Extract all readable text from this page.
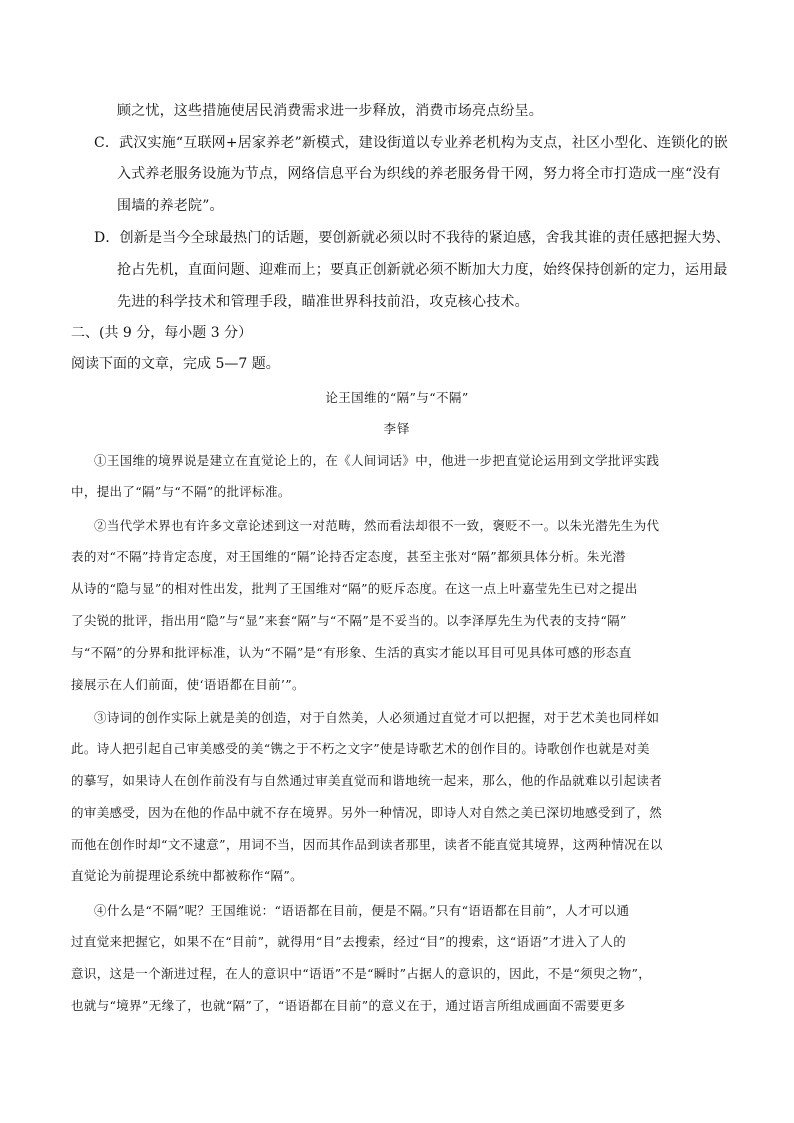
顾之忧，这些措施使居民消费需求进一步释放，消费市场亮点纷呈。
C．武汉实施“互联网+居家养老”新模式，建设街道以专业养老机构为支点，社区小型化、连锁化的嵌
入式养老服务设施为节点，网络信息平台为织线的养老服务骨干网，努力将全市打造成一座“没有
围墙的养老院”。
D．创新是当今全球最热门的话题，要创新就必须以时不我待的紧迫感，舍我其谁的责任感把握大势、
抢占先机，直面问题、迎难而上；要真正创新就必须不断加大力度，始终保持创新的定力，运用最
先进的科学技术和管理手段，瞄准世界科技前沿，攻克核心技术。
二、(共 9 分，每小题 3 分）
阅读下面的文章，完成 5—7 题。
论王国维的“隔”与“不隔”
李铎
①王国维的境界说是建立在直觉论上的，在《人间词话》中，他进一步把直觉论运用到文学批评实践
中，提出了“隔”与“不隔”的批评标准。
②当代学术界也有许多文章论述到这一对范畴，然而看法却很不一致，褒贬不一。以朱光潜先生为代
表的对“不隔”持肯定态度，对王国维的“隔”论持否定态度，甚至主张对“隔”都须具体分析。朱光潜
从诗的“隐与显”的相对性出发，批判了王国维对“隔”的贬斥态度。在这一点上叶嘉莹先生已对之提出
了尖锐的批评，指出用“隐”与“显”来套“隔”与“不隔”是不妥当的。以李泽厚先生为代表的支持“隔”
与“不隔”的分界和批评标准，认为“不隔”是“有形象、生活的真实才能以耳目可见具体可感的形态直
接展示在人们前面，使‘语语都在目前’”。
③诗词的创作实际上就是美的创造，对于自然美，人必须通过直觉才可以把握，对于艺术美也同样如
此。诗人把引起自己审美感受的美“镌之于不朽之文字”使是诗歌艺术的创作目的。诗歌创作也就是对美
的摹写，如果诗人在创作前没有与自然通过审美直觉而和谐地统一起来，那么，他的作品就难以引起读者
的审美感受，因为在他的作品中就不存在境界。另外一种情况，即诗人对自然之美已深切地感受到了，然
而他在创作时却“文不逮意”，用词不当，因而其作品到读者那里，读者不能直觉其境界，这两种情况在以
直觉论为前提理论系统中都被称作“隔”。
④什么是“不隔”呢？王国维说：“语语都在目前，便是不隔。”只有“语语都在目前”，人才可以通
过直觉来把握它，如果不在“目前”，就得用“目”去搜索，经过“目”的搜索，这“语语”才进入了人的
意识，这是一个渐进过程，在人的意识中“语语”不是“瞬时”占据人的意识的，因此，不是“须臾之物”，
也就与“境界”无缘了，也就“隔”了，“语语都在目前”的意义在于，通过语言所组成画面不需要更多
